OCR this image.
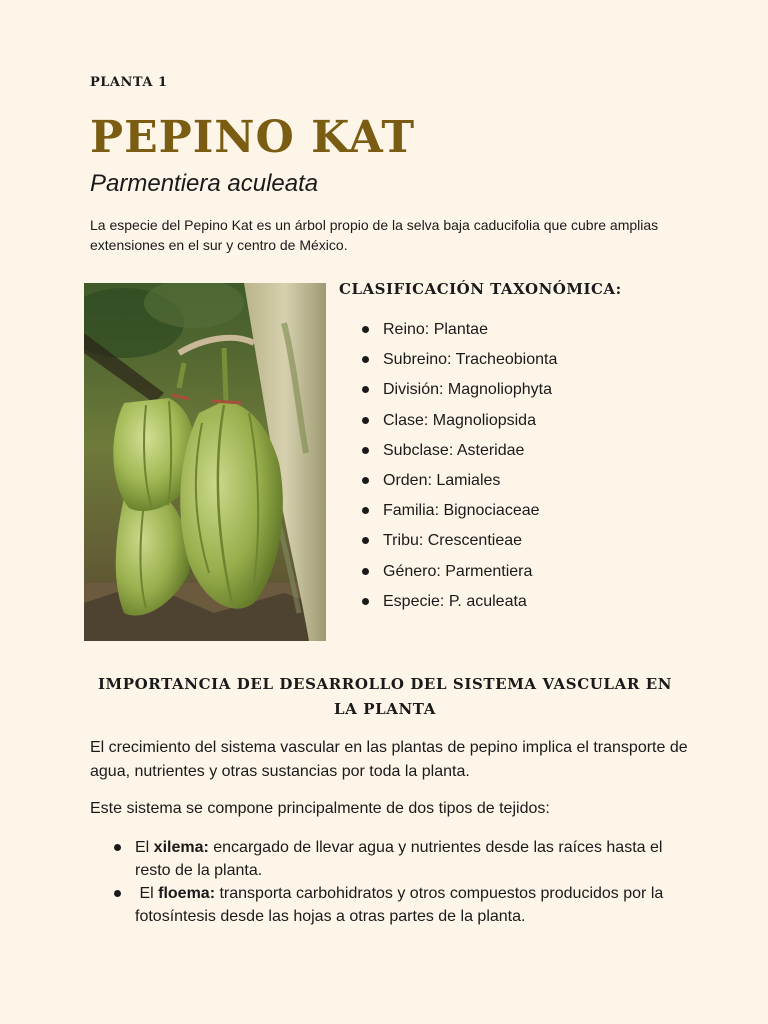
PLANTA 1
PEPINO KAT

Parmentiera aculeata

La especie del Pepino Kat es un árbol propio de la selva baja caducifolia que cubre amplias extensiones en el sur y centro de México.

CLASIFICACIÓN TAXONÓMICA:
Reino: Plantae
Subreino: Tracheobionta
División: Magnoliophyta
Clase: Magnoliopsida
Subclase: Asteridae
Orden: Lamiales
Familia: Bignociaceae
Tribu: Crescentieae
Género: Parmentiera
Especie: P. aculeata
IMPORTANCIA DEL DESARROLLO DEL SISTEMA VASCULAR EN LA PLANTA

El crecimiento del sistema vascular en las plantas de pepino implica el transporte de agua, nutrientes y otras sustancias por toda la planta.

Este sistema se compone principalmente de dos tipos de tejidos:

El xilema: encargado de llevar agua y nutrientes desde las raíces hasta el resto de la planta.
El floema: transporta carbohidratos y otros compuestos producidos por la fotosíntesis desde las hojas a otras partes de la planta.
